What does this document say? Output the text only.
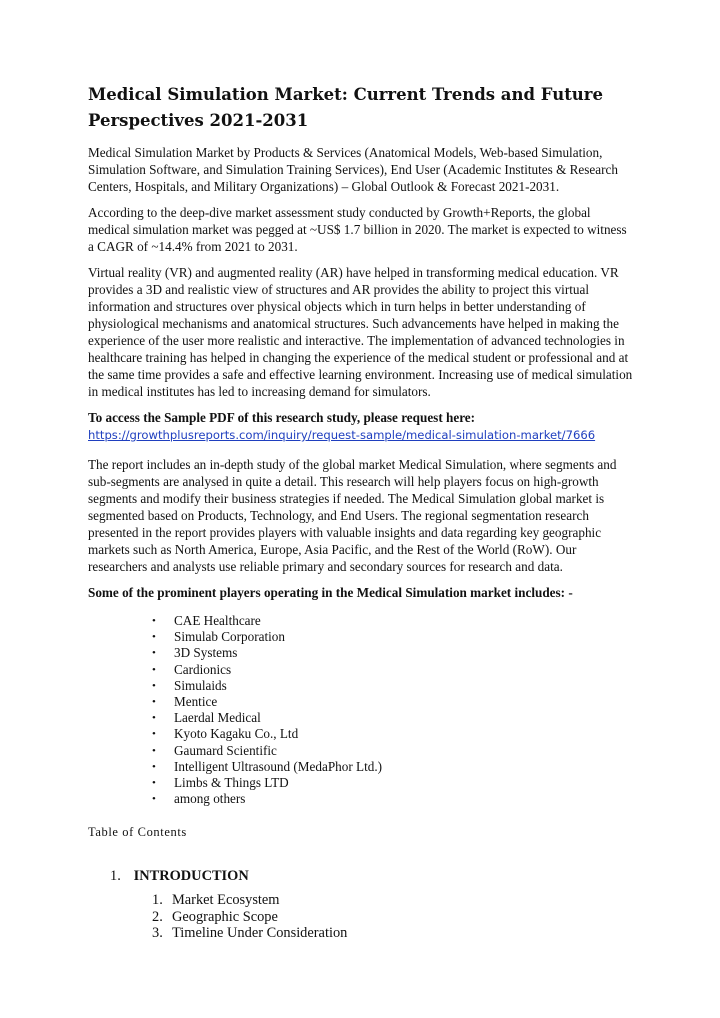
Medical Simulation Market: Current Trends and Future Perspectives 2021-2031

Medical Simulation Market by Products & Services (Anatomical Models, Web-based Simulation, Simulation Software, and Simulation Training Services), End User (Academic Institutes & Research Centers, Hospitals, and Military Organizations) – Global Outlook & Forecast 2021-2031.

According to the deep-dive market assessment study conducted by Growth+Reports, the global medical simulation market was pegged at ~US$ 1.7 billion in 2020. The market is expected to witness a CAGR of ~14.4% from 2021 to 2031.

Virtual reality (VR) and augmented reality (AR) have helped in transforming medical education. VR provides a 3D and realistic view of structures and AR provides the ability to project this virtual information and structures over physical objects which in turn helps in better understanding of physiological mechanisms and anatomical structures. Such advancements have helped in making the experience of the user more realistic and interactive. The implementation of advanced technologies in healthcare training has helped in changing the experience of the medical student or professional and at the same time provides a safe and effective learning environment. Increasing use of medical simulation in medical institutes has led to increasing demand for simulators.

To access the Sample PDF of this research study, please request here:

https://growthplusreports.com/inquiry/request-sample/medical-simulation-market/7666

The report includes an in-depth study of the global market Medical Simulation, where segments and sub-segments are analysed in quite a detail. This research will help players focus on high-growth segments and modify their business strategies if needed. The Medical Simulation global market is segmented based on Products, Technology, and End Users. The regional segmentation research presented in the report provides players with valuable insights and data regarding key geographic markets such as North America, Europe, Asia Pacific, and the Rest of the World (RoW). Our researchers and analysts use reliable primary and secondary sources for research and data.

Some of the prominent players operating in the Medical Simulation market includes: -

• CAE Healthcare
• Simulab Corporation
• 3D Systems
• Cardionics
• Simulaids
• Mentice
• Laerdal Medical
• Kyoto Kagaku Co., Ltd
• Gaumard Scientific
• Intelligent Ultrasound (MedaPhor Ltd.)
• Limbs & Things LTD
• among others
Table of Contents
1. INTRODUCTION
1. Market Ecosystem
2. Geographic Scope
3. Timeline Under Consideration
